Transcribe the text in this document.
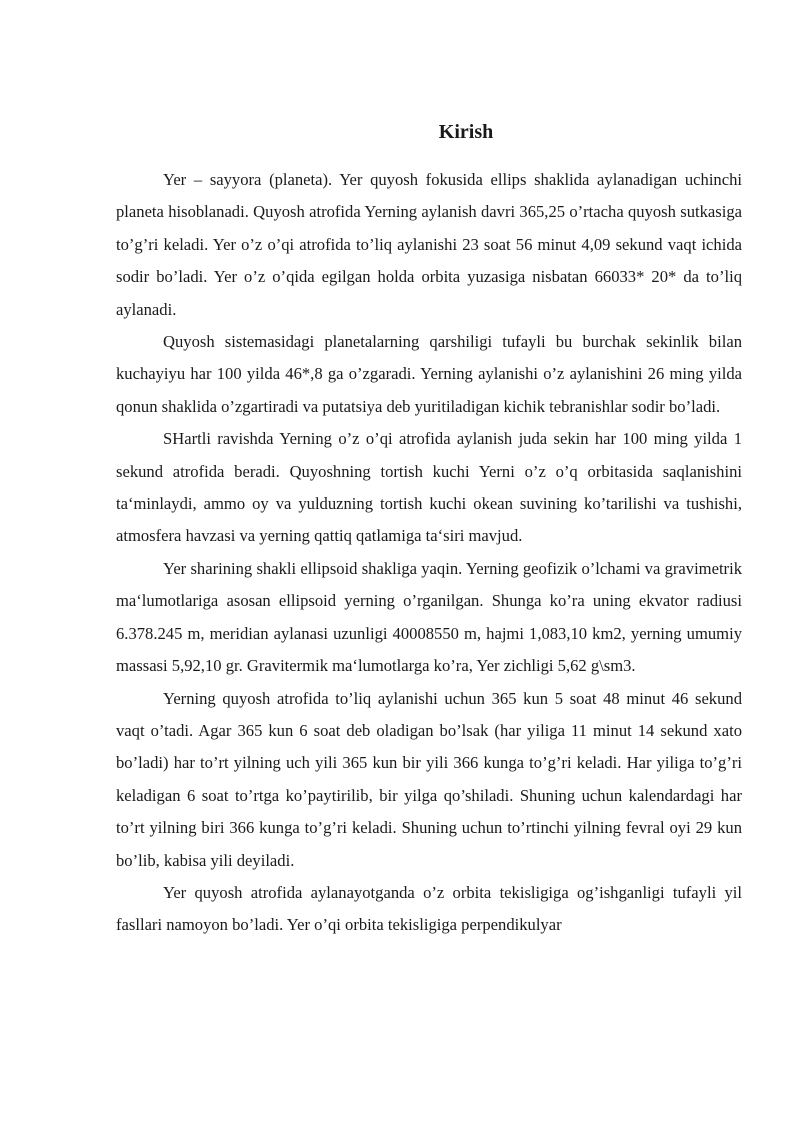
Kirish

Yer – sayyora (planeta). Yer quyosh fokusida ellips shaklida aylanadigan uchinchi planeta hisoblanadi. Quyosh atrofida Yerning aylanish davri 365,25 o’rtacha quyosh sutkasiga to’g’ri keladi. Yer o’z o’qi atrofida to’liq aylanishi 23 soat 56 minut 4,09 sekund vaqt ichida sodir bo’ladi. Yer o’z o’qida egilgan holda orbita yuzasiga nisbatan 66033* 20* da to’liq aylanadi.

Quyosh sistemasidagi planetalarning qarshiligi tufayli bu burchak sekinlik bilan kuchayiyu har 100 yilda 46*,8 ga o’zgaradi. Yerning aylanishi o’z aylanishini 26 ming yilda qonun shaklida o’zgartiradi va putatsiya deb yuritiladigan kichik tebranishlar sodir bo’ladi.

SHartli ravishda Yerning o’z o’qi atrofida aylanish juda sekin har 100 ming yilda 1 sekund atrofida beradi. Quyoshning tortish kuchi Yerni o’z o’q orbitasida saqlanishini ta‘minlaydi, ammo oy va yulduzning tortish kuchi okean suvining ko’tarilishi va tushishi, atmosfera havzasi va yerning qattiq qatlamiga ta‘siri mavjud.

Yer sharining shakli ellipsoid shakliga yaqin. Yerning geofizik o’lchami va gravimetrik ma‘lumotlariga asosan ellipsoid yerning o’rganilgan. Shunga ko’ra uning ekvator radiusi 6.378.245 m, meridian aylanasi uzunligi 40008550 m, hajmi 1,083,10 km2, yerning umumiy massasi 5,92,10 gr. Gravitermik ma‘lumotlarga ko’ra, Yer zichligi 5,62 g\sm3.

Yerning quyosh atrofida to’liq aylanishi uchun 365 kun 5 soat 48 minut 46 sekund vaqt o’tadi. Agar 365 kun 6 soat deb oladigan bo’lsak (har yiliga 11 minut 14 sekund xato bo’ladi) har to’rt yilning uch yili 365 kun bir yili 366 kunga to’g’ri keladi. Har yiliga to’g’ri keladigan 6 soat to’rtga ko’paytirilib, bir yilga qo’shiladi. Shuning uchun kalendardagi har to’rt yilning biri 366 kunga to’g’ri keladi. Shuning uchun to’rtinchi yilning fevral oyi 29 kun bo’lib, kabisa yili deyiladi.

Yer quyosh atrofida aylanayotganda o’z orbita tekisligiga og’ishganligi tufayli yil fasllari namoyon bo’ladi. Yer o’qi orbita tekisligiga perpendikulyar
